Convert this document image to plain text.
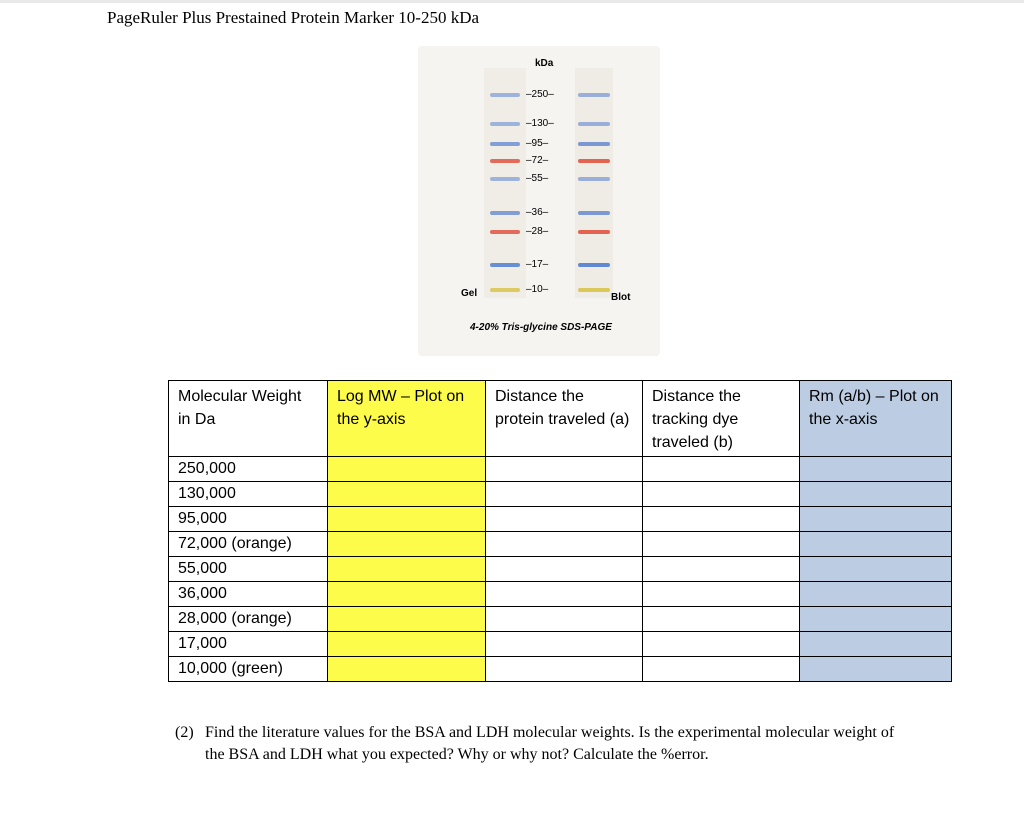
PageRuler Plus Prestained Protein Marker 10-250 kDa
kDa
–250–
–130–
–95–
–72–
–55–
–36–
–28–
–17–
–10–
Gel	Blot
4-20% Tris-glycine SDS-PAGE
Molecular Weight in Da	Log MW – Plot on the y-axis	Distance the protein traveled (a)	Distance the tracking dye traveled (b)	Rm (a/b) – Plot on the x-axis
250,000				
130,000				
95,000				
72,000 (orange)				
55,000				
36,000				
28,000 (orange)				
17,000				
10,000 (green)				
(2) Find the literature values for the BSA and LDH molecular weights. Is the experimental molecular weight of the BSA and LDH what you expected? Why or why not? Calculate the %error.
